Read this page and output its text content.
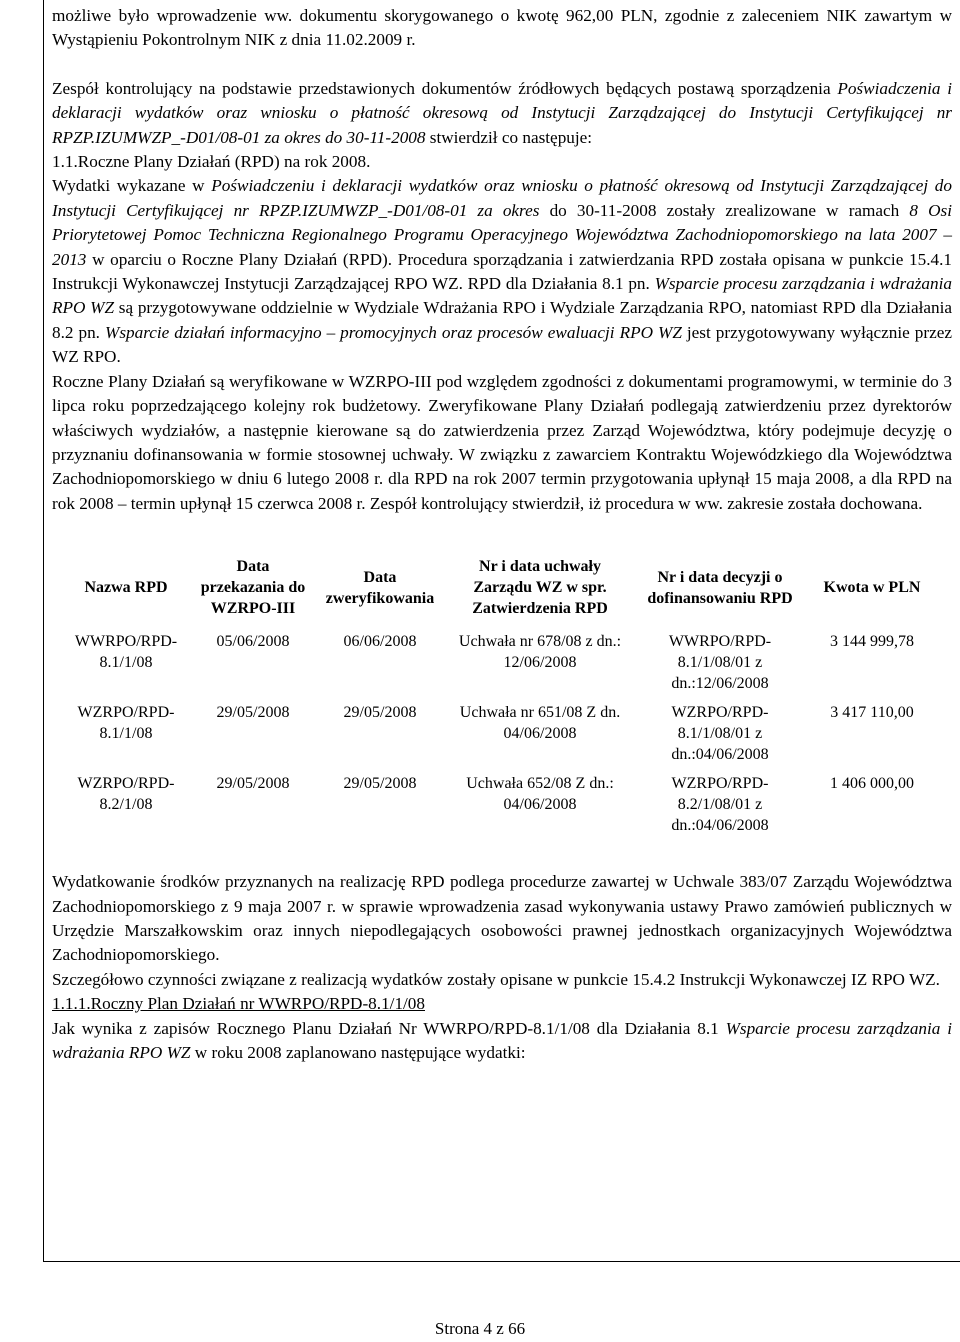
możliwe było wprowadzenie ww. dokumentu skorygowanego o kwotę 962,00 PLN, zgodnie z zaleceniem NIK zawartym w Wystąpieniu Pokontrolnym NIK z dnia 11.02.2009 r.

Zespół kontrolujący na podstawie przedstawionych dokumentów źródłowych będących postawą sporządzenia Poświadczenia i deklaracji wydatków oraz wniosku o płatność okresową od Instytucji Zarządzającej do Instytucji Certyfikującej nr RPZP.IZUMWZP_-D01/08-01 za okres do 30-11-2008 stwierdził co następuje:

1.1.Roczne Plany Działań (RPD) na rok 2008.

Wydatki wykazane w Poświadczeniu i deklaracji wydatków oraz wniosku o płatność okresową od Instytucji Zarządzającej do Instytucji Certyfikującej nr RPZP.IZUMWZP_-D01/08-01 za okres do 30-11-2008 zostały zrealizowane w ramach 8 Osi Priorytetowej Pomoc Techniczna Regionalnego Programu Operacyjnego Województwa Zachodniopomorskiego na lata 2007 – 2013 w oparciu o Roczne Plany Działań (RPD). Procedura sporządzania i zatwierdzania RPD została opisana w punkcie 15.4.1 Instrukcji Wykonawczej Instytucji Zarządzającej RPO WZ. RPD dla Działania 8.1 pn. Wsparcie procesu zarządzania i wdrażania RPO WZ są przygotowywane oddzielnie w Wydziale Wdrażania RPO i Wydziale Zarządzania RPO, natomiast RPD dla Działania 8.2 pn. Wsparcie działań informacyjno – promocyjnych oraz procesów ewaluacji RPO WZ jest przygotowywany wyłącznie przez WZ RPO.

Roczne Plany Działań są weryfikowane w WZRPO-III pod względem zgodności z dokumentami programowymi, w terminie do 3 lipca roku poprzedzającego kolejny rok budżetowy. Zweryfikowane Plany Działań podlegają zatwierdzeniu przez dyrektorów właściwych wydziałów, a następnie kierowane są do zatwierdzenia przez Zarząd Województwa, który podejmuje decyzję o przyznaniu dofinansowania w formie stosownej uchwały. W związku z zawarciem Kontraktu Wojewódzkiego dla Województwa Zachodniopomorskiego w dniu 6 lutego 2008 r. dla RPD na rok 2007 termin przygotowania upłynął 15 maja 2008, a dla RPD na rok 2008 – termin upłynął 15 czerwca 2008 r. Zespół kontrolujący stwierdził, iż procedura w ww. zakresie została dochowana.

Nazwa RPD	Data przekazania do WZRPO-III	Data zweryfikowania	Nr i data uchwały Zarządu WZ w spr. Zatwierdzenia RPD	Nr i data decyzji o dofinansowaniu RPD	Kwota w PLN
WWRPO/RPD-8.1/1/08	05/06/2008	06/06/2008	Uchwała nr 678/08 z dn.: 12/06/2008	WWRPO/RPD-8.1/1/08/01 z dn.:12/06/2008	3 144 999,78
WZRPO/RPD-8.1/1/08	29/05/2008	29/05/2008	Uchwała nr 651/08 Z dn. 04/06/2008	WZRPO/RPD-8.1/1/08/01 z dn.:04/06/2008	3 417 110,00
WZRPO/RPD-8.2/1/08	29/05/2008	29/05/2008	Uchwała 652/08 Z dn.: 04/06/2008	WZRPO/RPD-8.2/1/08/01 z dn.:04/06/2008	1 406 000,00

Wydatkowanie środków przyznanych na realizację RPD podlega procedurze zawartej w Uchwale 383/07 Zarządu Województwa Zachodniopomorskiego z 9 maja 2007 r. w sprawie wprowadzenia zasad wykonywania ustawy Prawo zamówień publicznych w Urzędzie Marszałkowskim oraz innych niepodlegających osobowości prawnej jednostkach organizacyjnych Województwa Zachodniopomorskiego.

Szczegółowo czynności związane z realizacją wydatków zostały opisane w punkcie 15.4.2 Instrukcji Wykonawczej IZ RPO WZ.

1.1.1.Roczny Plan Działań nr WWRPO/RPD-8.1/1/08

Jak wynika z zapisów Rocznego Planu Działań Nr WWRPO/RPD-8.1/1/08 dla Działania 8.1 Wsparcie procesu zarządzania i wdrażania RPO WZ w roku 2008 zaplanowano następujące wydatki:

Strona 4 z 66
